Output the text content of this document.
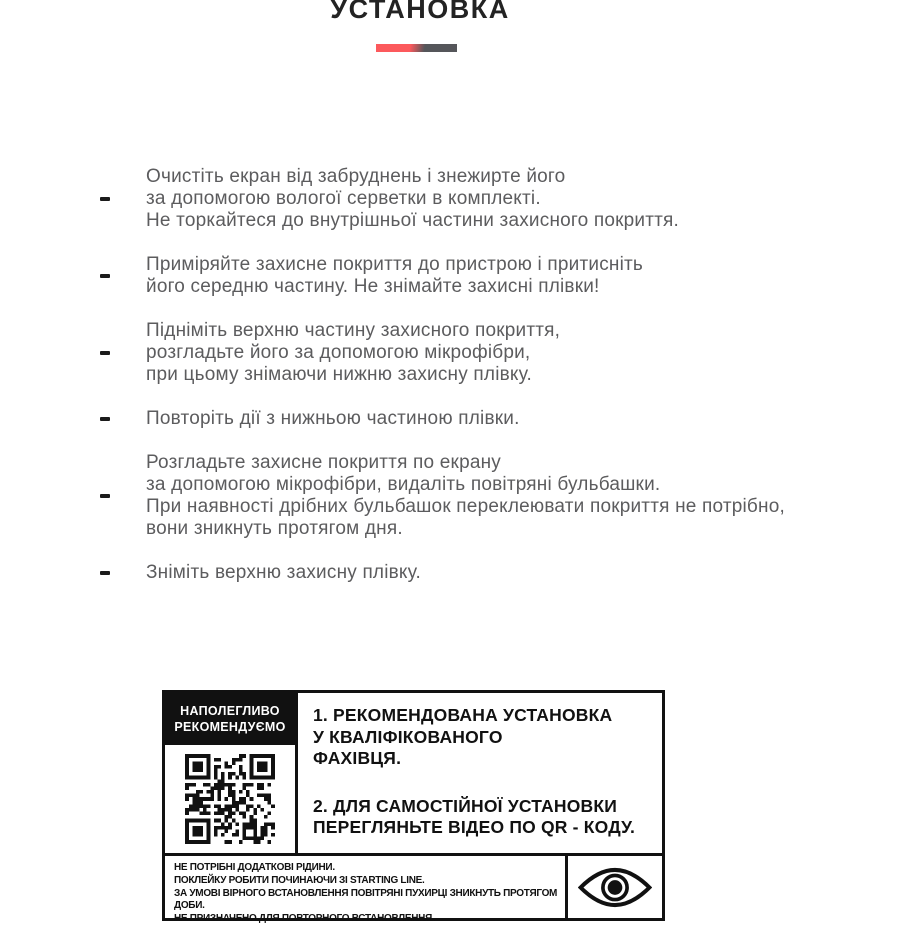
УСТАНОВКА
Очистіть екран від забруднень і знежирте його
за допомогою вологої серветки в комплекті.
Не торкайтеся до внутрішньої частини захисного покриття.
Приміряйте захисне покриття до пристрою і притисніть
його середню частину. Не знімайте захисні плівки!
Підніміть верхню частину захисного покриття,
розгладьте його за допомогою мікрофібри,
при цьому знімаючи нижню захисну плівку.
Повторіть дії з нижньою частиною плівки.
Розгладьте захисне покриття по екрану
за допомогою мікрофібри, видаліть повітряні бульбашки.
При наявності дрібних бульбашок переклеювати покриття не потрібно,
вони зникнуть протягом дня.
Зніміть верхню захисну плівку.
НАПОЛЕГЛИВО
РЕКОМЕНДУЄМО

1. РЕКОМЕНДОВАНА УСТАНОВКА
У КВАЛІФІКОВАНОГО
ФАХІВЦЯ.

2. ДЛЯ САМОСТІЙНОЇ УСТАНОВКИ
ПЕРЕГЛЯНЬТЕ ВІДЕО ПО QR - КОДУ.

НЕ ПОТРІБНІ ДОДАТКОВІ РІДИНИ.
ПОКЛЕЙКУ РОБИТИ ПОЧИНАЮЧИ ЗІ STARTING LINE.
ЗА УМОВІ ВІРНОГО ВСТАНОВЛЕННЯ ПОВІТРЯНІ ПУХИРЦІ ЗНИКНУТЬ ПРОТЯГОМ ДОБИ.
НЕ ПРИЗНАЧЕНО ДЛЯ ПОВТОРНОГО ВСТАНОВЛЕННЯ.
